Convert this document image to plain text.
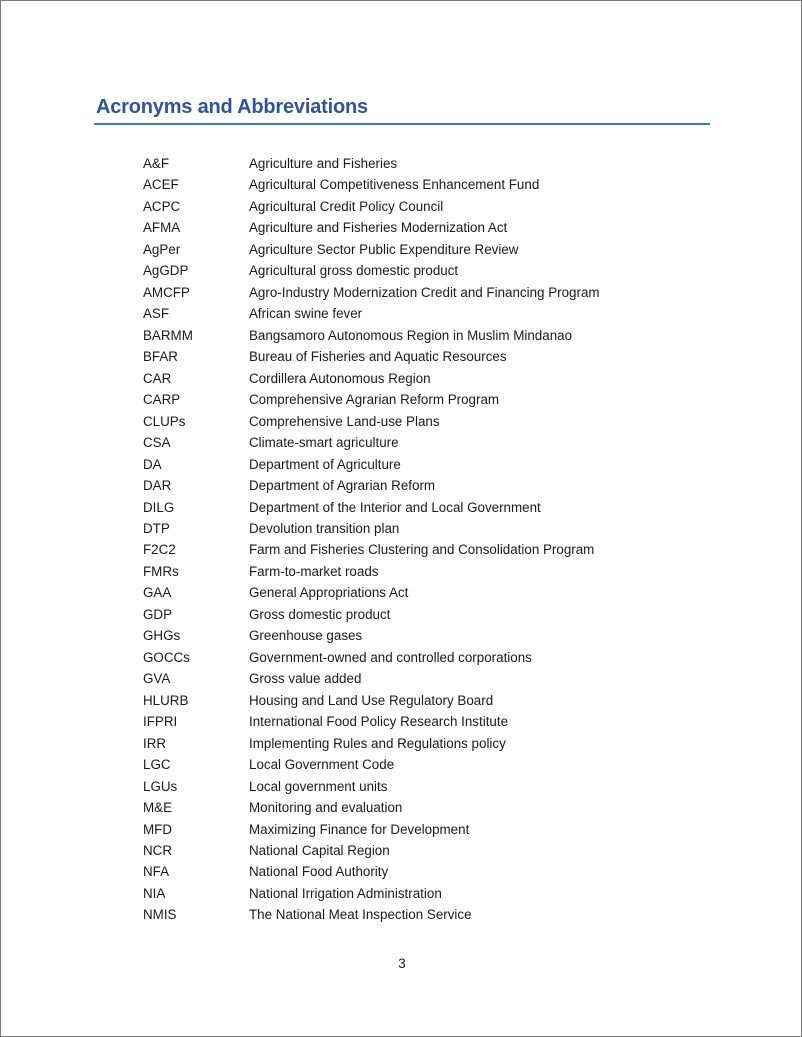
Acronyms and Abbreviations
A&F	Agriculture and Fisheries
ACEF	Agricultural Competitiveness Enhancement Fund
ACPC	Agricultural Credit Policy Council
AFMA	Agriculture and Fisheries Modernization Act
AgPer	Agriculture Sector Public Expenditure Review
AgGDP	Agricultural gross domestic product
AMCFP	Agro-Industry Modernization Credit and Financing Program
ASF	African swine fever
BARMM	Bangsamoro Autonomous Region in Muslim Mindanao
BFAR	Bureau of Fisheries and Aquatic Resources
CAR	Cordillera Autonomous Region
CARP	Comprehensive Agrarian Reform Program
CLUPs	Comprehensive Land-use Plans
CSA	Climate-smart agriculture
DA	Department of Agriculture
DAR	Department of Agrarian Reform
DILG	Department of the Interior and Local Government
DTP	Devolution transition plan
F2C2	Farm and Fisheries Clustering and Consolidation Program
FMRs	Farm-to-market roads
GAA	General Appropriations Act
GDP	Gross domestic product
GHGs	Greenhouse gases
GOCCs	Government-owned and controlled corporations
GVA	Gross value added
HLURB	Housing and Land Use Regulatory Board
IFPRI	International Food Policy Research Institute
IRR	Implementing Rules and Regulations policy
LGC	Local Government Code
LGUs	Local government units
M&E	Monitoring and evaluation
MFD	Maximizing Finance for Development
NCR	National Capital Region
NFA	National Food Authority
NIA	National Irrigation Administration
NMIS	The National Meat Inspection Service
3
